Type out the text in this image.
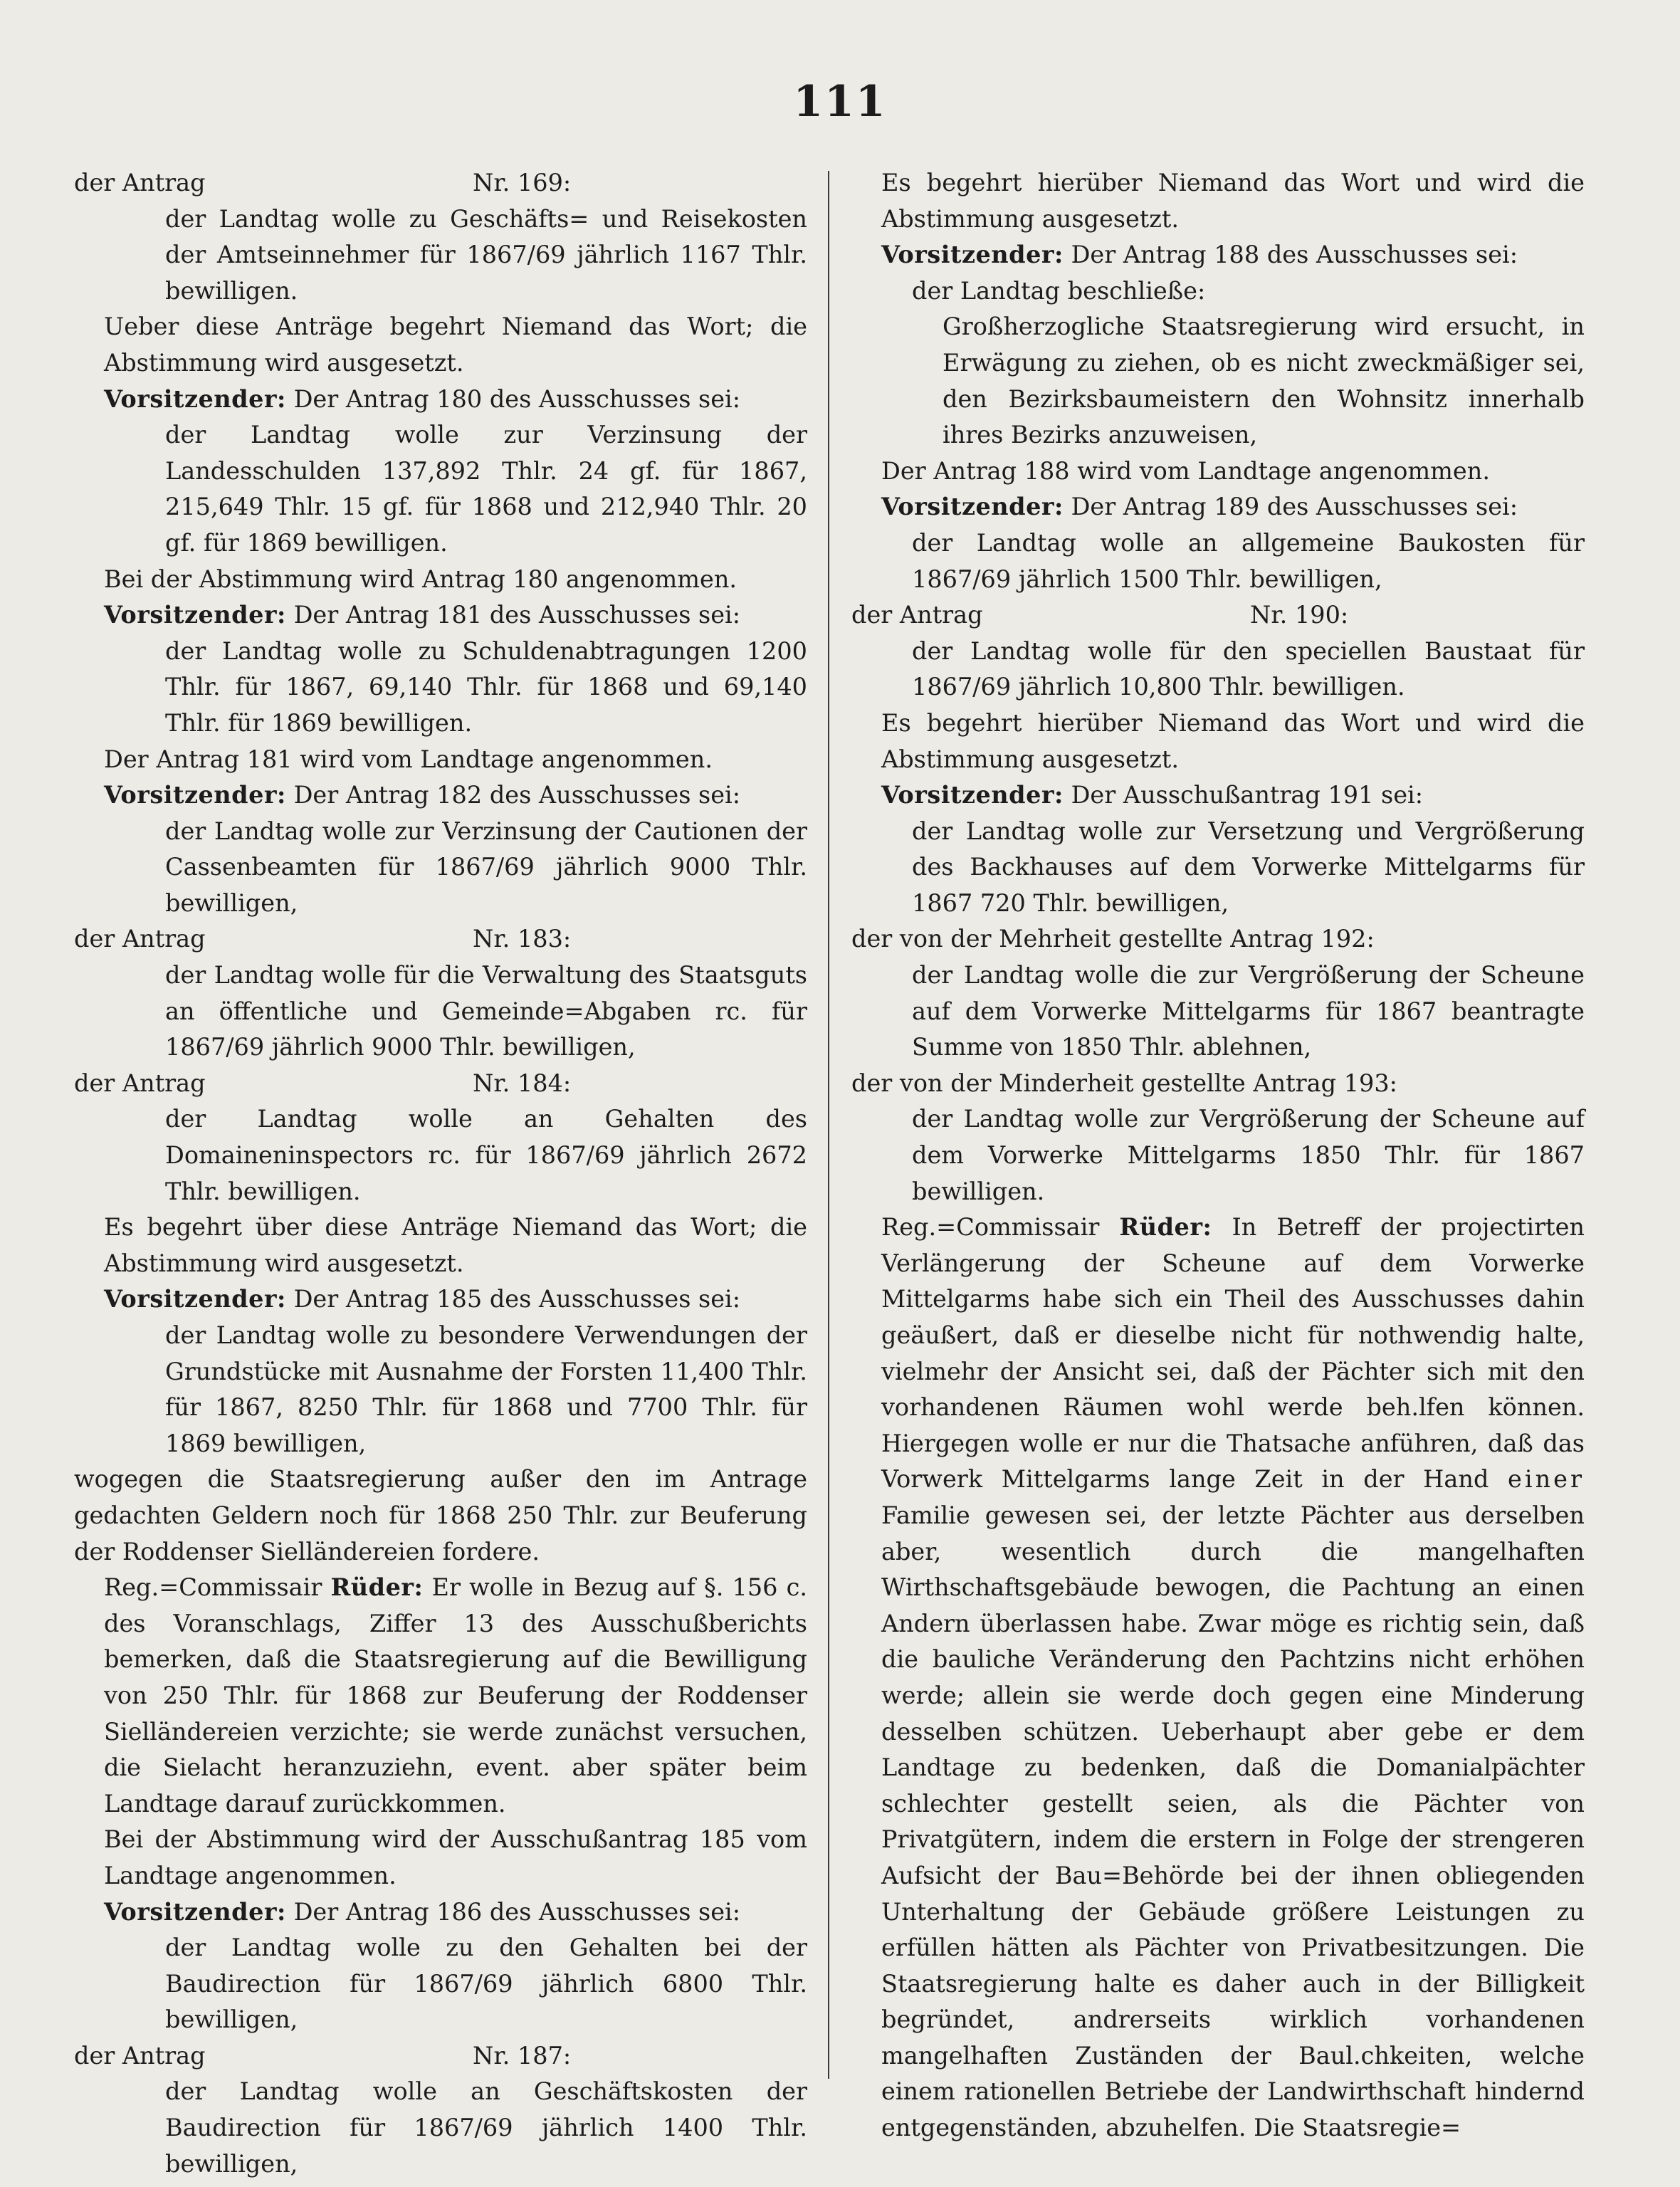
111
der Antrag	Nr. 169:
der Landtag wolle zu Geschäfts= und Reisekosten der Amtseinnehmer für 1867/69 jährlich 1167 Thlr. bewilligen.
Ueber diese Anträge begehrt Niemand das Wort; die Abstimmung wird ausgesetzt.
Vorsitzender: Der Antrag 180 des Ausschusses sei:
der Landtag wolle zur Verzinsung der Landesschulden 137,892 Thlr. 24 gf. für 1867, 215,649 Thlr. 15 gf. für 1868 und 212,940 Thlr. 20 gf. für 1869 bewilligen.
Bei der Abstimmung wird Antrag 180 angenommen.
Vorsitzender: Der Antrag 181 des Ausschusses sei:
der Landtag wolle zu Schuldenabtragungen 1200 Thlr. für 1867, 69,140 Thlr. für 1868 und 69,140 Thlr. für 1869 bewilligen.
Der Antrag 181 wird vom Landtage angenommen.
Vorsitzender: Der Antrag 182 des Ausschusses sei:
der Landtag wolle zur Verzinsung der Cautionen der Cassenbeamten für 1867/69 jährlich 9000 Thlr. bewilligen,
der Antrag	Nr. 183:
der Landtag wolle für die Verwaltung des Staatsguts an öffentliche und Gemeinde=Abgaben rc. für 1867/69 jährlich 9000 Thlr. bewilligen,
der Antrag	Nr. 184:
der Landtag wolle an Gehalten des Domaineninspectors rc. für 1867/69 jährlich 2672 Thlr. bewilligen.
Es begehrt über diese Anträge Niemand das Wort; die Abstimmung wird ausgesetzt.
Vorsitzender: Der Antrag 185 des Ausschusses sei:
der Landtag wolle zu besondere Verwendungen der Grundstücke mit Ausnahme der Forsten 11,400 Thlr. für 1867, 8250 Thlr. für 1868 und 7700 Thlr. für 1869 bewilligen,
wogegen die Staatsregierung außer den im Antrage gedachten Geldern noch für 1868 250 Thlr. zur Beuferung der Roddenser Sielländereien fordere.
Reg.=Commissair Rüder: Er wolle in Bezug auf §. 156 c. des Voranschlags, Ziffer 13 des Ausschußberichts bemerken, daß die Staatsregierung auf die Bewilligung von 250 Thlr. für 1868 zur Beuferung der Roddenser Sielländereien verzichte; sie werde zunächst versuchen, die Sielacht heranzuziehn, event. aber später beim Landtage darauf zurückkommen.
Bei der Abstimmung wird der Ausschußantrag 185 vom Landtage angenommen.
Vorsitzender: Der Antrag 186 des Ausschusses sei:
der Landtag wolle zu den Gehalten bei der Baudirection für 1867/69 jährlich 6800 Thlr. bewilligen,
der Antrag	Nr. 187:
der Landtag wolle an Geschäftskosten der Baudirection für 1867/69 jährlich 1400 Thlr. bewilligen,
Es begehrt hierüber Niemand das Wort und wird die Abstimmung ausgesetzt.
Vorsitzender: Der Antrag 188 des Ausschusses sei:
der Landtag beschließe:
Großherzogliche Staatsregierung wird ersucht, in Erwägung zu ziehen, ob es nicht zweckmäßiger sei, den Bezirksbaumeistern den Wohnsitz innerhalb ihres Bezirks anzuweisen,
Der Antrag 188 wird vom Landtage angenommen.
Vorsitzender: Der Antrag 189 des Ausschusses sei:
der Landtag wolle an allgemeine Baukosten für 1867/69 jährlich 1500 Thlr. bewilligen,
der Antrag	Nr. 190:
der Landtag wolle für den speciellen Baustaat für 1867/69 jährlich 10,800 Thlr. bewilligen.
Es begehrt hierüber Niemand das Wort und wird die Abstimmung ausgesetzt.
Vorsitzender: Der Ausschußantrag 191 sei:
der Landtag wolle zur Versetzung und Vergrößerung des Backhauses auf dem Vorwerke Mittelgarms für 1867 720 Thlr. bewilligen,
der von der Mehrheit gestellte Antrag 192:
der Landtag wolle die zur Vergrößerung der Scheune auf dem Vorwerke Mittelgarms für 1867 beantragte Summe von 1850 Thlr. ablehnen,
der von der Minderheit gestellte Antrag 193:
der Landtag wolle zur Vergrößerung der Scheune auf dem Vorwerke Mittelgarms 1850 Thlr. für 1867 bewilligen.
Reg.=Commissair Rüder: In Betreff der projectirten Verlängerung der Scheune auf dem Vorwerke Mittelgarms habe sich ein Theil des Ausschusses dahin geäußert, daß er dieselbe nicht für nothwendig halte, vielmehr der Ansicht sei, daß der Pächter sich mit den vorhandenen Räumen wohl werde beh.lfen können. Hiergegen wolle er nur die Thatsache anführen, daß das Vorwerk Mittelgarms lange Zeit in der Hand einer Familie gewesen sei, der letzte Pächter aus derselben aber, wesentlich durch die mangelhaften Wirthschaftsgebäude bewogen, die Pachtung an einen Andern überlassen habe. Zwar möge es richtig sein, daß die bauliche Veränderung den Pachtzins nicht erhöhen werde; allein sie werde doch gegen eine Minderung desselben schützen. Ueberhaupt aber gebe er dem Landtage zu bedenken, daß die Domanialpächter schlechter gestellt seien, als die Pächter von Privatgütern, indem die erstern in Folge der strengeren Aufsicht der Bau=Behörde bei der ihnen obliegenden Unterhaltung der Gebäude größere Leistungen zu erfüllen hätten als Pächter von Privatbesitzungen. Die Staatsregierung halte es daher auch in der Billigkeit begründet, andrerseits wirklich vorhandenen mangelhaften Zuständen der Baul.chkeiten, welche einem rationellen Betriebe der Landwirthschaft hindernd entgegenständen, abzuhelfen. Die Staatsregie=
